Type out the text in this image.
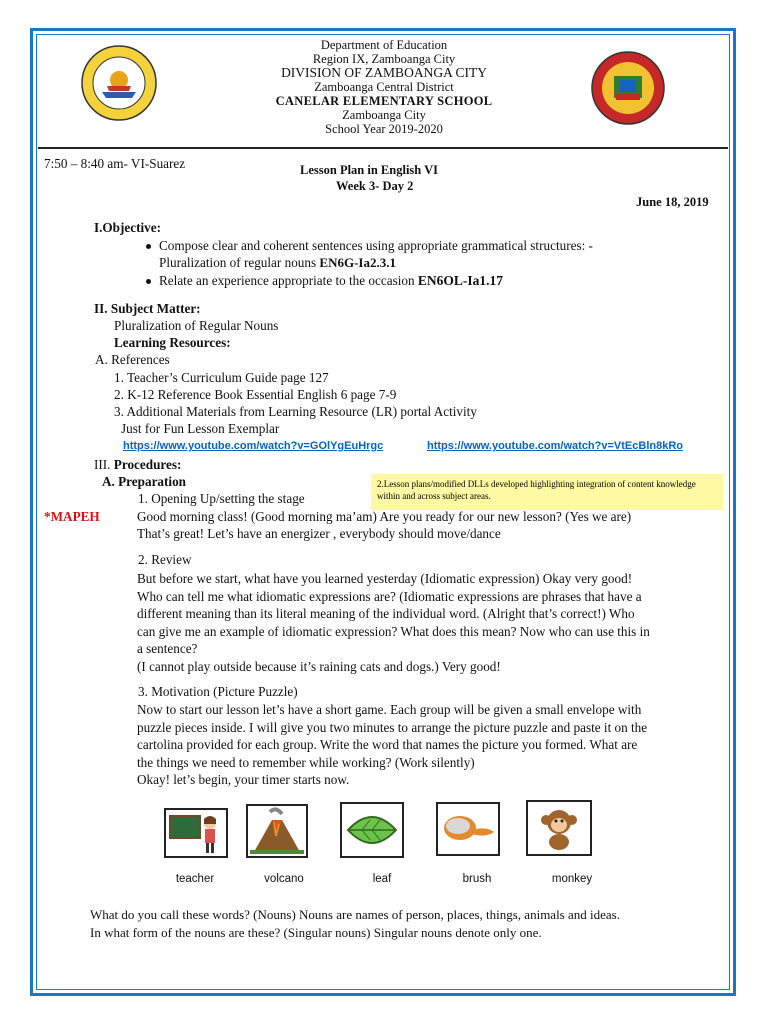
Department of Education
Region IX, Zamboanga City
DIVISION OF ZAMBOANGA CITY
Zamboanga Central District
CANELAR ELEMENTARY SCHOOL
Zamboanga City
School Year 2019-2020
7:50 – 8:40 am- VI-Suarez	Lesson Plan in English VI
Week 3- Day 2
June 18, 2019
I.Objective:
Compose clear and coherent sentences using appropriate grammatical structures: -
Pluralization of regular nouns EN6G-Ia2.3.1
Relate an experience appropriate to the occasion EN6OL-Ia1.17
II. Subject Matter:
Pluralization of Regular Nouns
Learning Resources:
A. References
1. Teacher’s Curriculum Guide page 127
2. K-12 Reference Book Essential English 6 page 7-9
3. Additional Materials from Learning Resource (LR) portal Activity
Just for Fun Lesson Exemplar
https://www.youtube.com/watch?v=GOlYgEuHrgc	https://www.youtube.com/watch?v=VtEcBln8kRo
III. Procedures:
A. Preparation	2.Lesson plans/modified DLLs developed highlighting integration of content knowledge within and across subject areas.
1. Opening Up/setting the stage
*MAPEH	Good morning class! (Good morning ma’am) Are you ready for our new lesson? (Yes we are)
That’s great! Let’s have an energizer , everybody should move/dance
2. Review
But before we start, what have you learned yesterday (Idiomatic expression) Okay very good!
Who can tell me what idiomatic expressions are? (Idiomatic expressions are phrases that have a
different meaning than its literal meaning of the individual word. (Alright that’s correct!) Who
can give me an example of idiomatic expression? What does this mean? Now who can use this in
a sentence?
(I cannot play outside because it’s raining cats and dogs.) Very good!
3. Motivation (Picture Puzzle)
Now to start our lesson let’s have a short game. Each group will be given a small envelope with
puzzle pieces inside. I will give you two minutes to arrange the picture puzzle and paste it on the
cartolina provided for each group. Write the word that names the picture you formed. What are
the things we need to remember while working? (Work silently)
Okay! let’s begin, your timer starts now.
teacher	volcano	leaf	brush	monkey
What do you call these words? (Nouns) Nouns are names of person, places, things, animals and ideas.
In what form of the nouns are these? (Singular nouns) Singular nouns denote only one.
